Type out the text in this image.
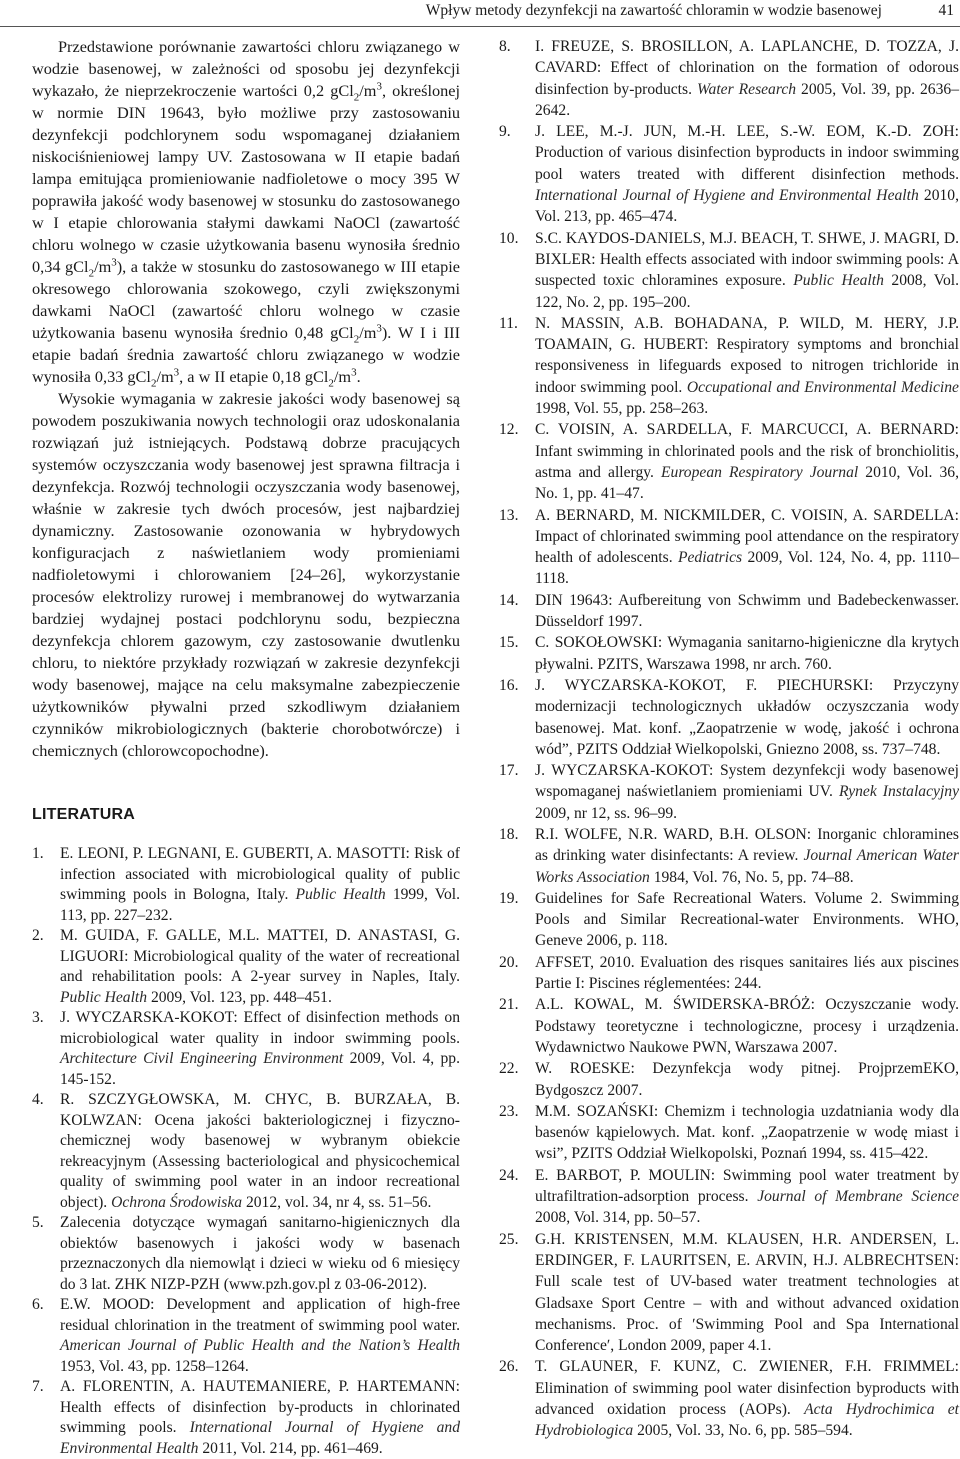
Wpływ metody dezynfekcji na zawartość chloramin w wodzie basenowej	41

Przedstawione porównanie zawartości chloru związanego w wodzie basenowej, w zależności od sposobu jej dezynfekcji wykazało, że nieprzekroczenie wartości 0,2 $gCl_2/m^3$, określonej w normie DIN 19643, było możliwe przy zastosowaniu dezynfekcji podchlorynem sodu wspomaganej działaniem niskociśnieniowej lampy UV. Zastosowana w II etapie badań lampa emitująca promieniowanie nadfioletowe o mocy 395 W poprawiła jakość wody basenowej w stosunku do zastosowanego w I etapie chlorowania stałymi dawkami NaOCl (zawartość chloru wolnego w czasie użytkowania basenu wynosiła średnio 0,34 $gCl_2/m^3$), a także w stosunku do zastosowanego w III etapie okresowego chlorowania szokowego, czyli zwiększonymi dawkami NaOCl (zawartość chloru wolnego w czasie użytkowania basenu wynosiła średnio 0,48 $gCl_2/m^3$). W I i III etapie badań średnia zawartość chloru związanego w wodzie wynosiła 0,33 $gCl_2/m^3$, a w II etapie 0,18 $gCl_2/m^3$.

Wysokie wymagania w zakresie jakości wody basenowej są powodem poszukiwania nowych technologii oraz udoskonalania rozwiązań już istniejących. Podstawą dobrze pracujących systemów oczyszczania wody basenowej jest sprawna filtracja i dezynfekcja. Rozwój technologii oczyszczania wody basenowej, właśnie w zakresie tych dwóch procesów, jest najbardziej dynamiczny. Zastosowanie ozonowania w hybrydowych konfiguracjach z naświetlaniem wody promieniami nadfioletowymi i chlorowaniem [24–26], wykorzystanie procesów elektrolizy rurowej i membranowej do wytwarzania bardziej wydajnej postaci podchlorynu sodu, bezpieczna dezynfekcja chlorem gazowym, czy zastosowanie dwutlenku chloru, to niektóre przykłady rozwiązań w zakresie dezynfekcji wody basenowej, mające na celu maksymalne zabezpieczenie użytkowników pływalni przed szkodliwym działaniem czynników mikrobiologicznych (bakterie chorobotwórcze) i chemicznych (chlorowcopochodne).

LITERATURA
1.	E. LEONI, P. LEGNANI, E. GUBERTI, A. MASOTTI: Risk of infection associated with microbiological quality of public swimming pools in Bologna, Italy. Public Health 1999, Vol. 113, pp. 227–232.
2.	M. GUIDA, F. GALLE, M.L. MATTEI, D. ANASTASI, G. LIGUORI: Microbiological quality of the water of recreational and rehabilitation pools: A 2-year survey in Naples, Italy. Public Health 2009, Vol. 123, pp. 448–451.
3.	J. WYCZARSKA-KOKOT: Effect of disinfection methods on microbiological water quality in indoor swimming pools. Architecture Civil Engineering Environment 2009, Vol. 4, pp. 145-152.
4.	R. SZCZYGŁOWSKA, M. CHYC, B. BURZAŁA, B. KOLWZAN: Ocena jakości bakteriologicznej i fizyczno-chemicznej wody basenowej w wybranym obiekcie rekreacyjnym (Assessing bacteriological and physicochemical quality of swimming pool water in an indoor recreational object). Ochrona Środowiska 2012, vol. 34, nr 4, ss. 51–56.
5.	Zalecenia dotyczące wymagań sanitarno-higienicznych dla obiektów basenowych i jakości wody w basenach przeznaczonych dla niemowląt i dzieci w wieku od 6 miesięcy do 3 lat. ZHK NIZP-PZH (www.pzh.gov.pl z 03-06-2012).
6.	E.W. MOOD: Development and application of high-free residual chlorination in the treatment of swimming pool water. American Journal of Public Health and the Nation’s Health 1953, Vol. 43, pp. 1258–1264.
7.	A. FLORENTIN, A. HAUTEMANIERE, P. HARTEMANN: Health effects of disinfection by-products in chlorinated swimming pools. International Journal of Hygiene and Environmental Health 2011, Vol. 214, pp. 461–469.
8.	I. FREUZE, S. BROSILLON, A. LAPLANCHE, D. TOZZA, J. CAVARD: Effect of chlorination on the formation of odorous disinfection by-products. Water Research 2005, Vol. 39, pp. 2636–2642.
9.	J. LEE, M.-J. JUN, M.-H. LEE, S.-W. EOM, K.-D. ZOH: Production of various disinfection byproducts in indoor swimming pool waters treated with different disinfection methods. International Journal of Hygiene and Environmental Health 2010, Vol. 213, pp. 465–474.
10.	S.C. KAYDOS-DANIELS, M.J. BEACH, T. SHWE, J. MAGRI, D. BIXLER: Health effects associated with indoor swimming pools: A suspected toxic chloramines exposure. Public Health 2008, Vol. 122, No. 2, pp. 195–200.
11.	N. MASSIN, A.B. BOHADANA, P. WILD, M. HERY, J.P. TOAMAIN, G. HUBERT: Respiratory symptoms and bronchial responsiveness in lifeguards exposed to nitrogen trichloride in indoor swimming pool. Occupational and Environmental Medicine 1998, Vol. 55, pp. 258–263.
12.	C. VOISIN, A. SARDELLA, F. MARCUCCI, A. BERNARD: Infant swimming in chlorinated pools and the risk of bronchiolitis, astma and allergy. European Respiratory Journal 2010, Vol. 36, No. 1, pp. 41–47.
13.	A. BERNARD, M. NICKMILDER, C. VOISIN, A. SARDELLA: Impact of chlorinated swimming pool attendance on the respiratory health of adolescents. Pediatrics 2009, Vol. 124, No. 4, pp. 1110–1118.
14.	DIN 19643: Aufbereitung von Schwimm und Badebeckenwasser. Düsseldorf 1997.
15.	C. SOKOŁOWSKI: Wymagania sanitarno-higieniczne dla krytych pływalni. PZITS, Warszawa 1998, nr arch. 760.
16.	J. WYCZARSKA-KOKOT, F. PIECHURSKI: Przyczyny modernizacji technologicznych układów oczyszczania wody basenowej. Mat. konf. „Zaopatrzenie w wodę, jakość i ochrona wód”, PZITS Oddział Wielkopolski, Gniezno 2008, ss. 737–748.
17.	J. WYCZARSKA-KOKOT: System dezynfekcji wody basenowej wspomaganej naświetlaniem promieniami UV. Rynek Instalacyjny 2009, nr 12, ss. 96–99.
18.	R.I. WOLFE, N.R. WARD, B.H. OLSON: Inorganic chloramines as drinking water disinfectants: A review. Journal American Water Works Association 1984, Vol. 76, No. 5, pp. 74–88.
19.	Guidelines for Safe Recreational Waters. Volume 2. Swimming Pools and Similar Recreational-water Environments. WHO, Geneve 2006, p. 118.
20.	AFFSET, 2010. Evaluation des risques sanitaires liés aux piscines Partie I: Piscines réglementées: 244.
21.	A.L. KOWAL, M. ŚWIDERSKA-BRÓŻ: Oczyszczanie wody. Podstawy teoretyczne i technologiczne, procesy i urządzenia. Wydawnictwo Naukowe PWN, Warszawa 2007.
22.	W. ROESKE: Dezynfekcja wody pitnej. ProjprzemEKO, Bydgoszcz 2007.
23.	M.M. SOZAŃSKI: Chemizm i technologia uzdatniania wody dla basenów kąpielowych. Mat. konf. „Zaopatrzenie w wodę miast i wsi”, PZITS Oddział Wielkopolski, Poznań 1994, ss. 415–422.
24.	E. BARBOT, P. MOULIN: Swimming pool water treatment by ultrafiltration-adsorption process. Journal of Membrane Science 2008, Vol. 314, pp. 50–57.
25.	G.H. KRISTENSEN, M.M. KLAUSEN, H.R. ANDERSEN, L. ERDINGER, F. LAURITSEN, E. ARVIN, H.J. ALBRECHTSEN: Full scale test of UV-based water treatment technologies at Gladsaxe Sport Centre – with and without advanced oxidation mechanisms. Proc. of ʹSwimming Pool and Spa International Conferenceʹ, London 2009, paper 4.1.
26.	T. GLAUNER, F. KUNZ, C. ZWIENER, F.H. FRIMMEL: Elimination of swimming pool water disinfection byproducts with advanced oxidation process (AOPs). Acta Hydrochimica et Hydrobiologica 2005, Vol. 33, No. 6, pp. 585–594.
